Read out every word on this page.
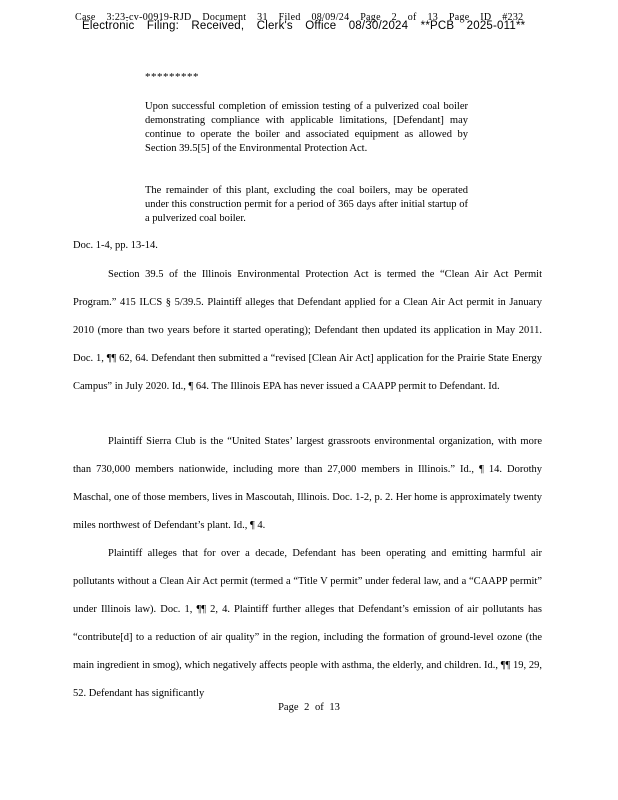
Case 3:23-cv-00919-RJD Document 31 Filed 08/09/24 Page 2 of 13 Page ID #232
Electronic Filing: Received, Clerk's Office 08/30/2024 **PCB 2025-011**
*********
Upon successful completion of emission testing of a pulverized coal boiler demonstrating compliance with applicable limitations, [Defendant] may continue to operate the boiler and associated equipment as allowed by Section 39.5[5] of the Environmental Protection Act.
The remainder of this plant, excluding the coal boilers, may be operated under this construction permit for a period of 365 days after initial startup of a pulverized coal boiler.
Doc. 1-4, pp. 13-14.
Section 39.5 of the Illinois Environmental Protection Act is termed the “Clean Air Act Permit Program.” 415 ILCS § 5/39.5. Plaintiff alleges that Defendant applied for a Clean Air Act permit in January 2010 (more than two years before it started operating); Defendant then updated its application in May 2011. Doc. 1, ¶¶ 62, 64. Defendant then submitted a “revised [Clean Air Act] application for the Prairie State Energy Campus” in July 2020. Id., ¶ 64. The Illinois EPA has never issued a CAAPP permit to Defendant. Id.
Plaintiff Sierra Club is the “United States’ largest grassroots environmental organization, with more than 730,000 members nationwide, including more than 27,000 members in Illinois.” Id., ¶ 14. Dorothy Maschal, one of those members, lives in Mascoutah, Illinois. Doc. 1-2, p. 2. Her home is approximately twenty miles northwest of Defendant’s plant. Id., ¶ 4.
Plaintiff alleges that for over a decade, Defendant has been operating and emitting harmful air pollutants without a Clean Air Act permit (termed a “Title V permit” under federal law, and a “CAAPP permit” under Illinois law). Doc. 1, ¶¶ 2, 4. Plaintiff further alleges that Defendant’s emission of air pollutants has “contribute[d] to a reduction of air quality” in the region, including the formation of ground-level ozone (the main ingredient in smog), which negatively affects people with asthma, the elderly, and children. Id., ¶¶ 19, 29, 52. Defendant has significantly
Page 2 of 13
